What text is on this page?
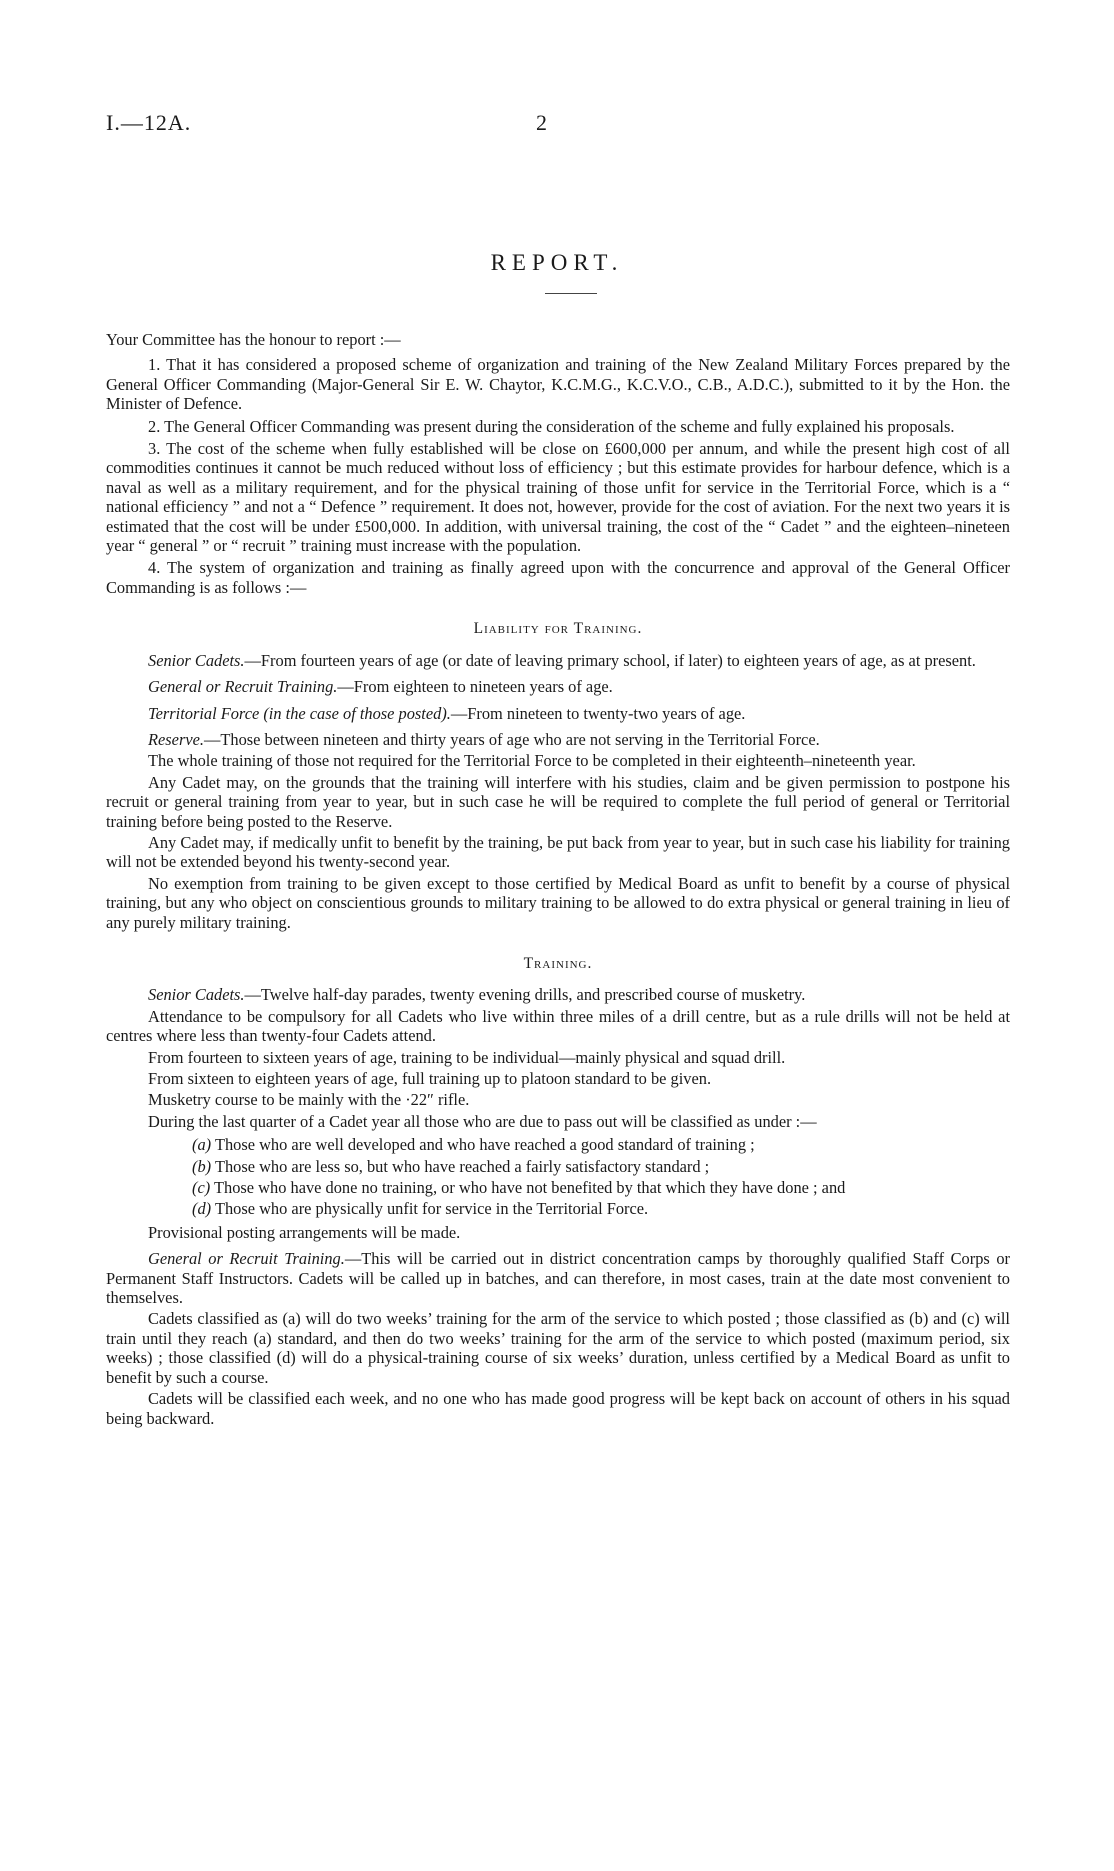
I.—12A.	2
REPORT.

Your Committee has the honour to report :—

1. That it has considered a proposed scheme of organization and training of the New Zealand Military Forces prepared by the General Officer Commanding (Major-General Sir E. W. Chaytor, K.C.M.G., K.C.V.O., C.B., A.D.C.), submitted to it by the Hon. the Minister of Defence.

2. The General Officer Commanding was present during the consideration of the scheme and fully explained his proposals.

3. The cost of the scheme when fully established will be close on £600,000 per annum, and while the present high cost of all commodities continues it cannot be much reduced without loss of efficiency ; but this estimate provides for harbour defence, which is a naval as well as a military requirement, and for the physical training of those unfit for service in the Territorial Force, which is a “ national efficiency ” and not a “ Defence ” requirement. It does not, however, provide for the cost of aviation. For the next two years it is estimated that the cost will be under £500,000. In addition, with universal training, the cost of the “ Cadet ” and the eighteen–nineteen year “ general ” or “ recruit ” training must increase with the population.

4. The system of organization and training as finally agreed upon with the concurrence and approval of the General Officer Commanding is as follows :—

Liability for Training.

Senior Cadets.—From fourteen years of age (or date of leaving primary school, if later) to eighteen years of age, as at present.

General or Recruit Training.—From eighteen to nineteen years of age.

Territorial Force (in the case of those posted).—From nineteen to twenty-two years of age.

Reserve.—Those between nineteen and thirty years of age who are not serving in the Territorial Force.

The whole training of those not required for the Territorial Force to be completed in their eighteenth–nineteenth year.

Any Cadet may, on the grounds that the training will interfere with his studies, claim and be given permission to postpone his recruit or general training from year to year, but in such case he will be required to complete the full period of general or Territorial training before being posted to the Reserve.

Any Cadet may, if medically unfit to benefit by the training, be put back from year to year, but in such case his liability for training will not be extended beyond his twenty-second year.

No exemption from training to be given except to those certified by Medical Board as unfit to benefit by a course of physical training, but any who object on conscientious grounds to military training to be allowed to do extra physical or general training in lieu of any purely military training.

Training.

Senior Cadets.—Twelve half-day parades, twenty evening drills, and prescribed course of musketry.

Attendance to be compulsory for all Cadets who live within three miles of a drill centre, but as a rule drills will not be held at centres where less than twenty-four Cadets attend.

From fourteen to sixteen years of age, training to be individual—mainly physical and squad drill.

From sixteen to eighteen years of age, full training up to platoon standard to be given.

Musketry course to be mainly with the ·22″ rifle.

During the last quarter of a Cadet year all those who are due to pass out will be classified as under :—

(a) Those who are well developed and who have reached a good standard of training ;

(b) Those who are less so, but who have reached a fairly satisfactory standard ;

(c) Those who have done no training, or who have not benefited by that which they have done ; and

(d) Those who are physically unfit for service in the Territorial Force.

Provisional posting arrangements will be made.

General or Recruit Training.—This will be carried out in district concentration camps by thoroughly qualified Staff Corps or Permanent Staff Instructors. Cadets will be called up in batches, and can therefore, in most cases, train at the date most convenient to themselves.

Cadets classified as (a) will do two weeks’ training for the arm of the service to which posted ; those classified as (b) and (c) will train until they reach (a) standard, and then do two weeks’ training for the arm of the service to which posted (maximum period, six weeks) ; those classified (d) will do a physical-training course of six weeks’ duration, unless certified by a Medical Board as unfit to benefit by such a course.

Cadets will be classified each week, and no one who has made good progress will be kept back on account of others in his squad being backward.
